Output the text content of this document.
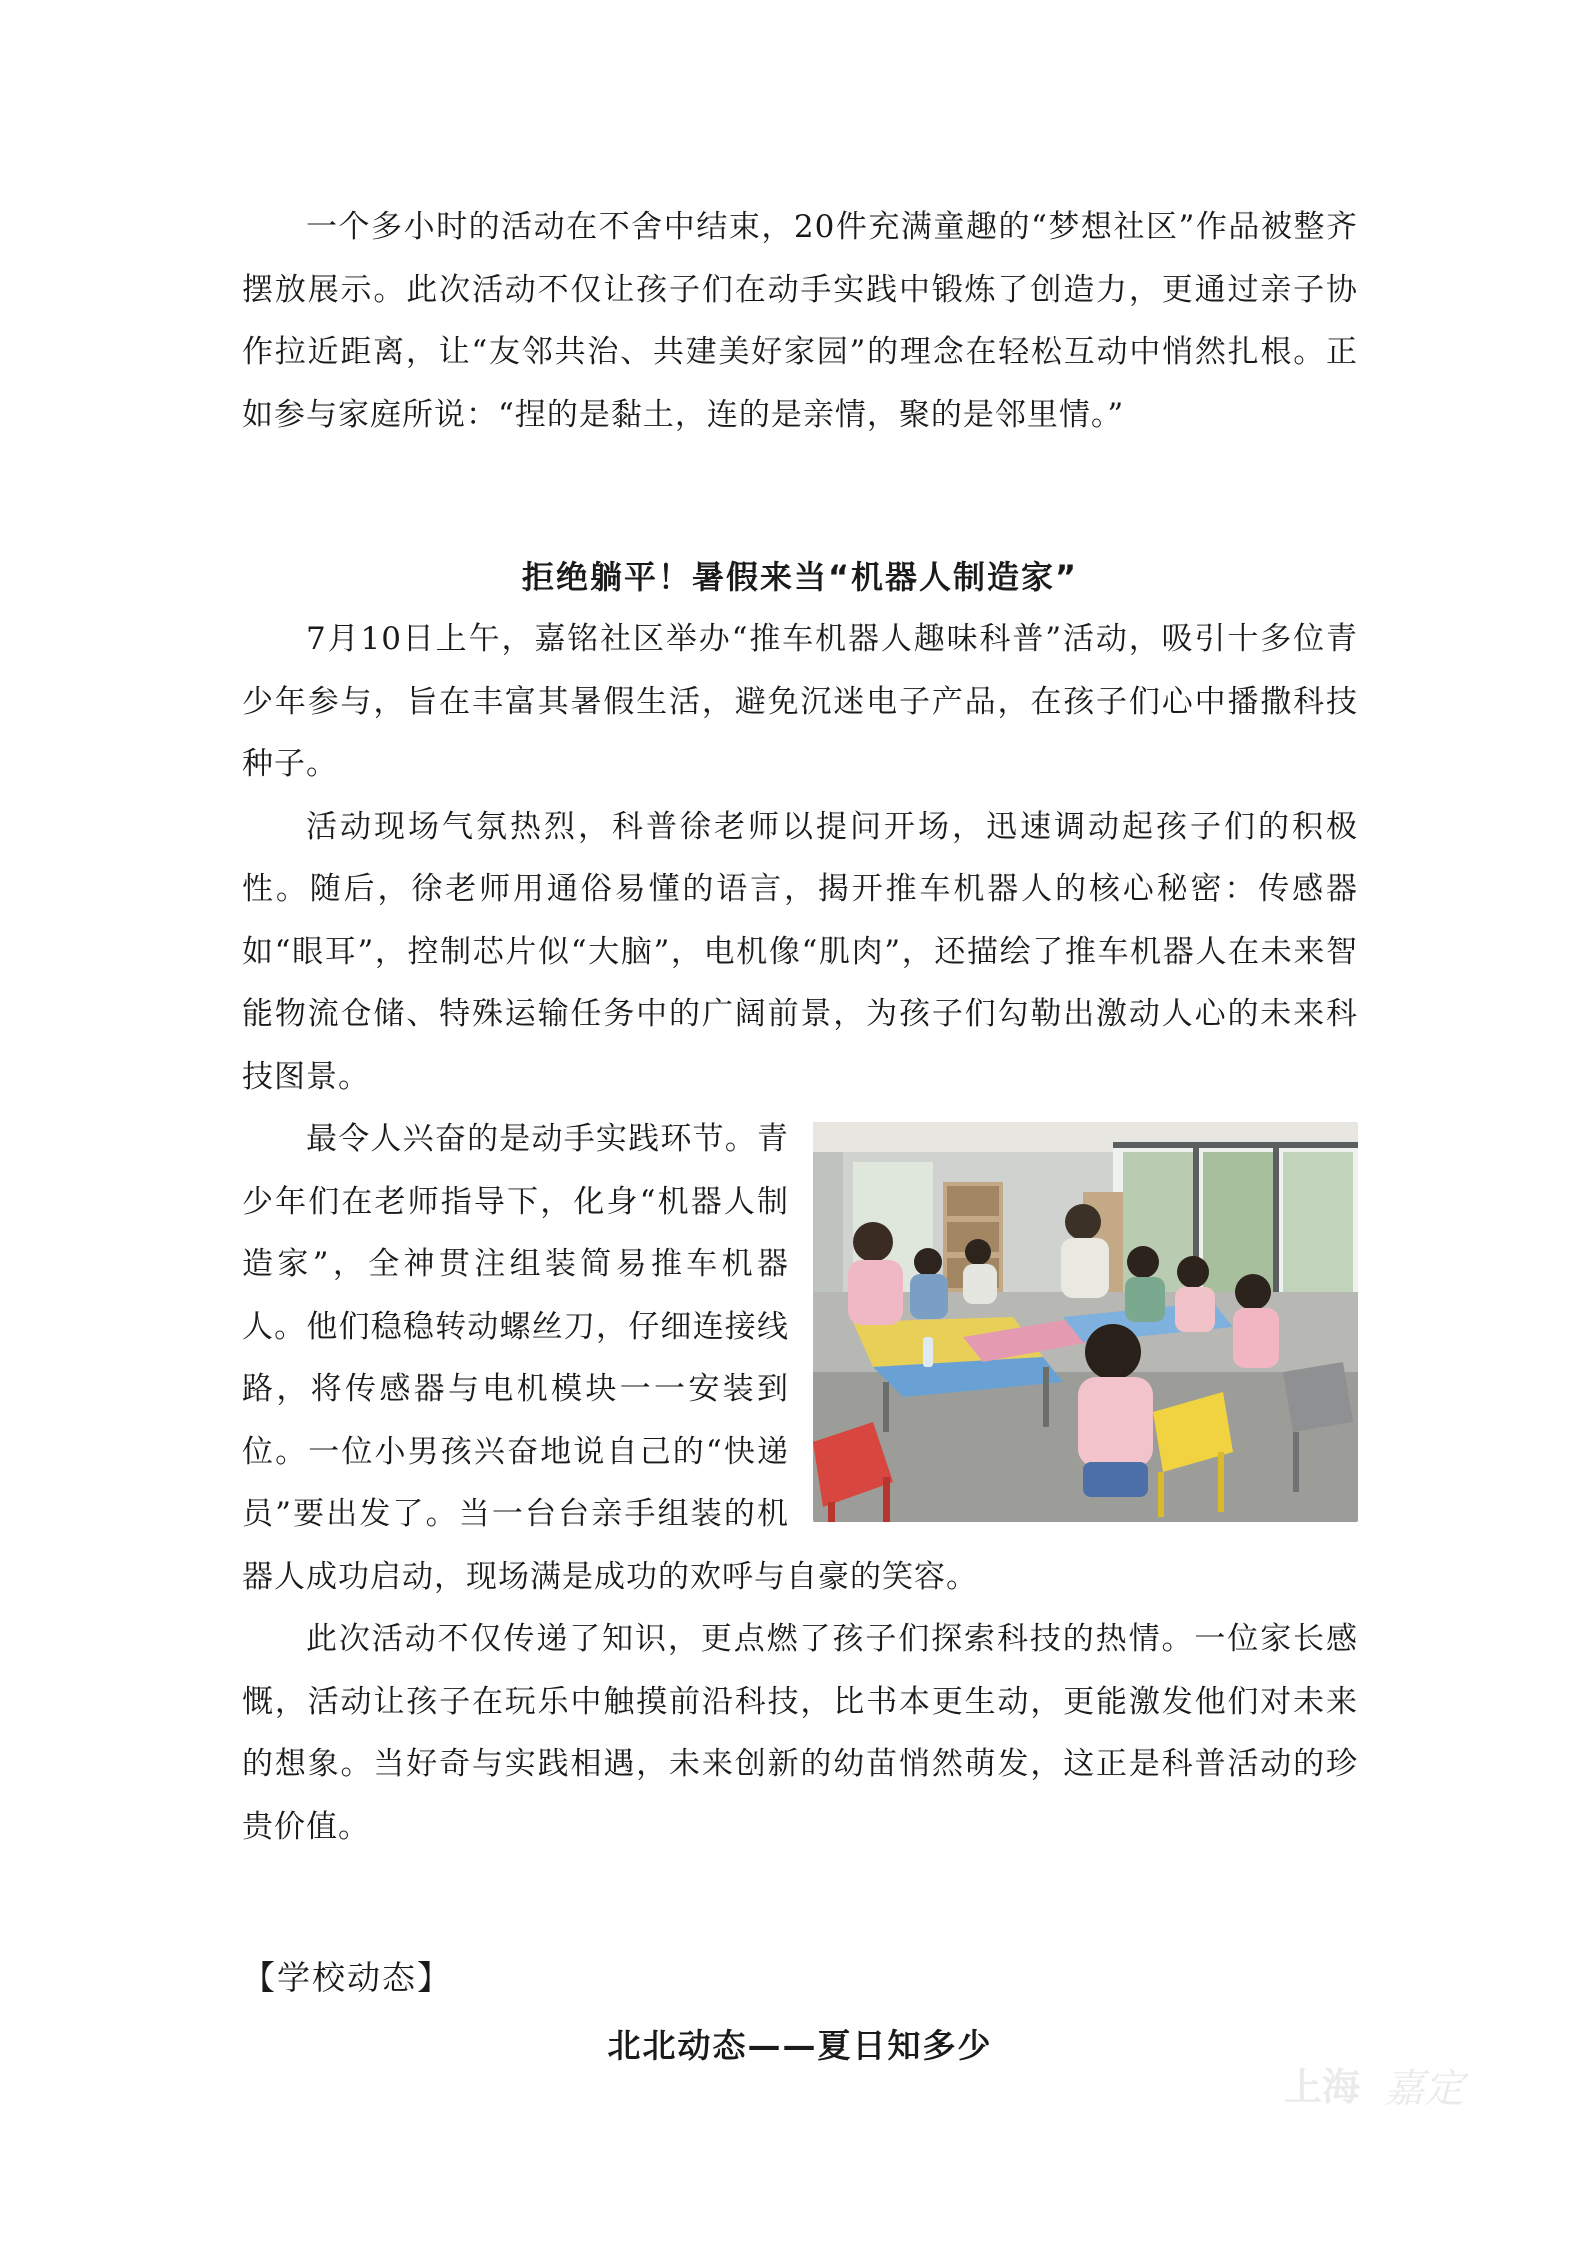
一个多小时的活动在不舍中结束，20件充满童趣的“梦想社区”作品被整齐摆放展示。此次活动不仅让孩子们在动手实践中锻炼了创造力，更通过亲子协作拉近距离，让“友邻共治、共建美好家园”的理念在轻松互动中悄然扎根。正如参与家庭所说：“捏的是黏土，连的是亲情，聚的是邻里情。”

拒绝躺平！暑假来当“机器人制造家”

7月10日上午，嘉铭社区举办“推车机器人趣味科普”活动，吸引十多位青少年参与，旨在丰富其暑假生活，避免沉迷电子产品，在孩子们心中播撒科技种子。

活动现场气氛热烈，科普徐老师以提问开场，迅速调动起孩子们的积极性。随后，徐老师用通俗易懂的语言，揭开推车机器人的核心秘密：传感器如“眼耳”，控制芯片似“大脑”，电机像“肌肉”，还描绘了推车机器人在未来智能物流仓储、特殊运输任务中的广阔前景，为孩子们勾勒出激动人心的未来科技图景。

最令人兴奋的是动手实践环节。青少年们在老师指导下，化身“机器人制造家”，全神贯注组装简易推车机器人。他们稳稳转动螺丝刀，仔细连接线路，将传感器与电机模块一一安装到位。一位小男孩兴奋地说自己的“快递员”要出发了。当一台台亲手组装的机器人成功启动，现场满是成功的欢呼与自豪的笑容。

此次活动不仅传递了知识，更点燃了孩子们探索科技的热情。一位家长感慨，活动让孩子在玩乐中触摸前沿科技，比书本更生动，更能激发他们对未来的想象。当好奇与实践相遇，未来创新的幼苗悄然萌发，这正是科普活动的珍贵价值。

【学校动态】

北北动态——夏日知多少
上海 嘉定
